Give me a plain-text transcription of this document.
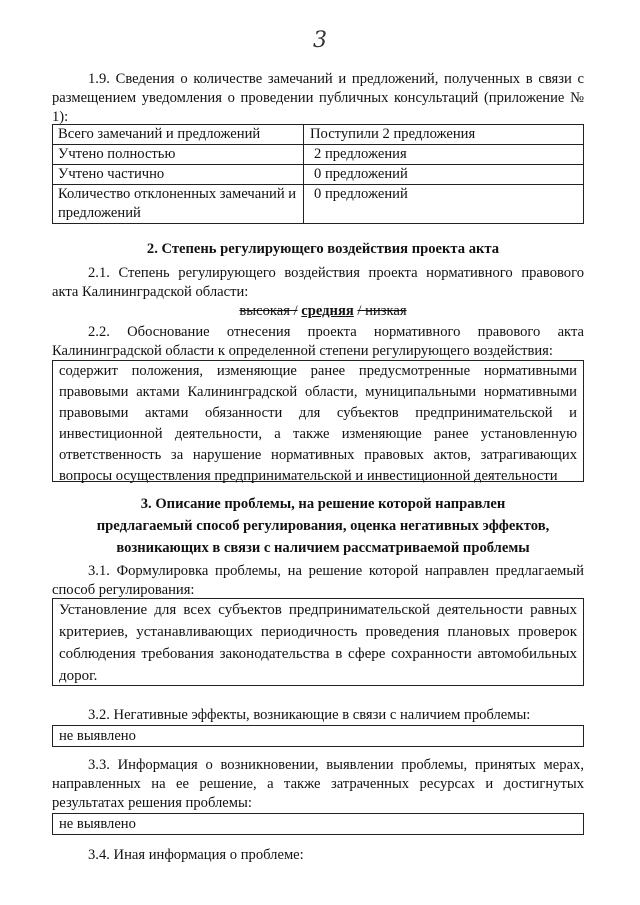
3

1.9. Сведения о количестве замечаний и предложений, полученных в связи с размещением уведомления о проведении публичных консультаций (приложение № 1):

Всего замечаний и предложений	Поступили 2 предложения
Учтено полностью	2 предложения
Учтено частично	0 предложений
Количество отклоненных замечаний и предложений	0 предложений

2. Степень регулирующего воздействия проекта акта

2.1. Степень регулирующего воздействия проекта нормативного правового акта Калининградской области:

высокая / средняя / низкая

2.2. Обоснование отнесения проекта нормативного правового акта Калининградской области к определенной степени регулирующего воздействия:

содержит положения, изменяющие ранее предусмотренные нормативными правовыми актами Калининградской области, муниципальными нормативными правовыми актами обязанности для субъектов предпринимательской и инвестиционной деятельности, а также изменяющие ранее установленную ответственность за нарушение нормативных правовых актов, затрагивающих вопросы осуществления предпринимательской и инвестиционной деятельности

3. Описание проблемы, на решение которой направлен

предлагаемый способ регулирования, оценка негативных эффектов,

возникающих в связи с наличием рассматриваемой проблемы

3.1. Формулировка проблемы, на решение которой направлен предлагаемый способ регулирования:

Установление для всех субъектов предпринимательской деятельности равных критериев, устанавливающих периодичность проведения плановых проверок соблюдения требования законодательства в сфере сохранности автомобильных дорог.

3.2. Негативные эффекты, возникающие в связи с наличием проблемы:

не выявлено

3.3. Информация о возникновении, выявлении проблемы, принятых мерах, направленных на ее решение, а также затраченных ресурсах и достигнутых результатах решения проблемы:

не выявлено

3.4. Иная информация о проблеме:
